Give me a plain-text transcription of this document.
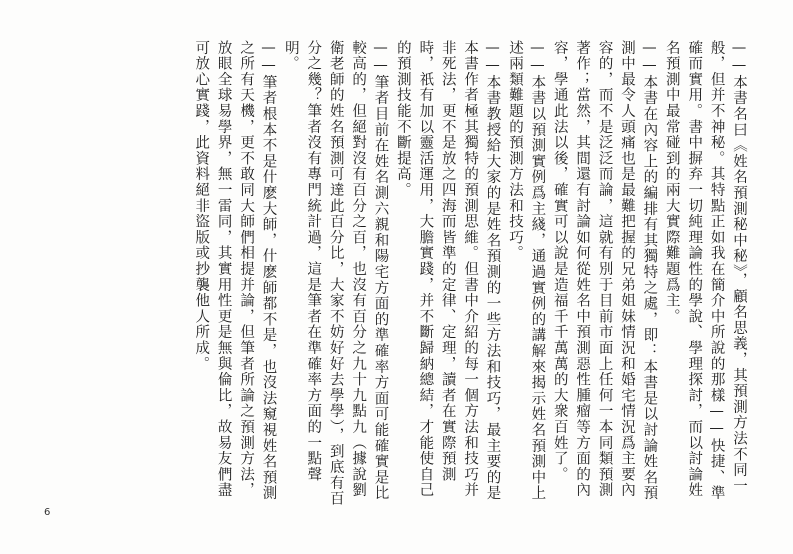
——本書名曰《姓名預測秘中秘》，顧名思義，其預測方法不同一般，但并不神秘。其特點正如我在簡介中所說的那樣——快捷、準確而實用。書中摒弃一切純理論性的學說、學理探討，而以討論姓名預測中最常碰到的兩大實際難題爲主。

——本書在內容上的編排有其獨特之處，即：本書是以討論姓名預測中最令人頭痛也是最難把握的兄弟姐妹情況和婚宅情況爲主要內容的，而不是泛泛而論，這就有別于目前市面上任何一本同類預測著作；當然，其間還有討論如何從姓名中預測惡性腫瘤等方面的內容，學通此法以後，確實可以說是造福千千萬萬的大衆百姓了。

——本書以預測實例爲主綫，通過實例的講解來揭示姓名預測中上述兩類難題的預測方法和技巧。

——本書教授給大家的是姓名預測的一些方法和技巧，最主要的是本書作者極其獨特的預測思維。但書中介紹的每一個方法和技巧并非死法，更不是放之四海而皆準的定律、定理，讀者在實際預測時，祇有加以靈活運用，大膽實踐，并不斷歸納總結，才能使自己的預測技能不斷提高。

——筆者目前在姓名測六親和陽宅方面的準確率方面可能確實是比較高的，但絕對沒有百分之百，也沒有百分之九十九點九（據說劉衛老師的姓名預測可達此百分比，大家不妨好好去學學），到底有百分之幾？筆者沒有專門統計過，這是筆者在準確率方面的一點聲明。

——筆者根本不是什麽大師，什麽師都不是，也沒法窺視姓名預測之所有天機，更不敢同大師們相提并論，但筆者所論之預測方法，放眼全球易學界，無一雷同，其實用性更是無與倫比，故易友們盡可放心實踐，此資料絕非盜版或抄襲他人所成。

6
